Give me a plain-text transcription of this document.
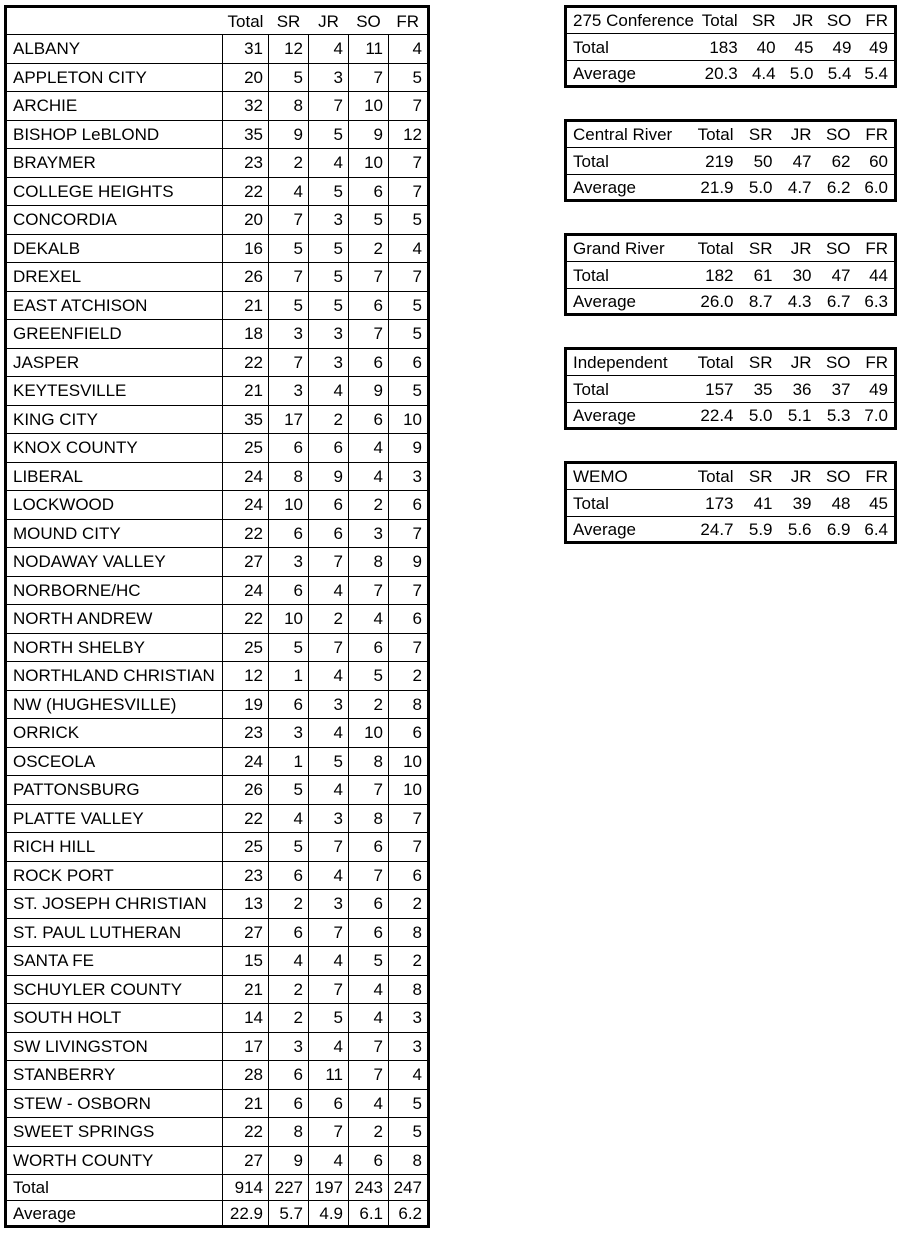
	Total	SR	JR	SO	FR
ALBANY	31	12	4	11	4
APPLETON CITY	20	5	3	7	5
ARCHIE	32	8	7	10	7
BISHOP LeBLOND	35	9	5	9	12
BRAYMER	23	2	4	10	7
COLLEGE HEIGHTS	22	4	5	6	7
CONCORDIA	20	7	3	5	5
DEKALB	16	5	5	2	4
DREXEL	26	7	5	7	7
EAST ATCHISON	21	5	5	6	5
GREENFIELD	18	3	3	7	5
JASPER	22	7	3	6	6
KEYTESVILLE	21	3	4	9	5
KING CITY	35	17	2	6	10
KNOX COUNTY	25	6	6	4	9
LIBERAL	24	8	9	4	3
LOCKWOOD	24	10	6	2	6
MOUND CITY	22	6	6	3	7
NODAWAY VALLEY	27	3	7	8	9
NORBORNE/HC	24	6	4	7	7
NORTH ANDREW	22	10	2	4	6
NORTH SHELBY	25	5	7	6	7
NORTHLAND CHRISTIAN	12	1	4	5	2
NW (HUGHESVILLE)	19	6	3	2	8
ORRICK	23	3	4	10	6
OSCEOLA	24	1	5	8	10
PATTONSBURG	26	5	4	7	10
PLATTE VALLEY	22	4	3	8	7
RICH HILL	25	5	7	6	7
ROCK PORT	23	6	4	7	6
ST. JOSEPH CHRISTIAN	13	2	3	6	2
ST. PAUL LUTHERAN	27	6	7	6	8
SANTA FE	15	4	4	5	2
SCHUYLER COUNTY	21	2	7	4	8
SOUTH HOLT	14	2	5	4	3
SW LIVINGSTON	17	3	4	7	3
STANBERRY	28	6	11	7	4
STEW - OSBORN	21	6	6	4	5
SWEET SPRINGS	22	8	7	2	5
WORTH COUNTY	27	9	4	6	8
Total	914	227	197	243	247
Average	22.9	5.7	4.9	6.1	6.2
275 Conference	Total	SR	JR	SO	FR
Total	183	40	45	49	49
Average	20.3	4.4	5.0	5.4	5.4
Central River	Total	SR	JR	SO	FR
Total	219	50	47	62	60
Average	21.9	5.0	4.7	6.2	6.0
Grand River	Total	SR	JR	SO	FR
Total	182	61	30	47	44
Average	26.0	8.7	4.3	6.7	6.3
Independent	Total	SR	JR	SO	FR
Total	157	35	36	37	49
Average	22.4	5.0	5.1	5.3	7.0
WEMO	Total	SR	JR	SO	FR
Total	173	41	39	48	45
Average	24.7	5.9	5.6	6.9	6.4
